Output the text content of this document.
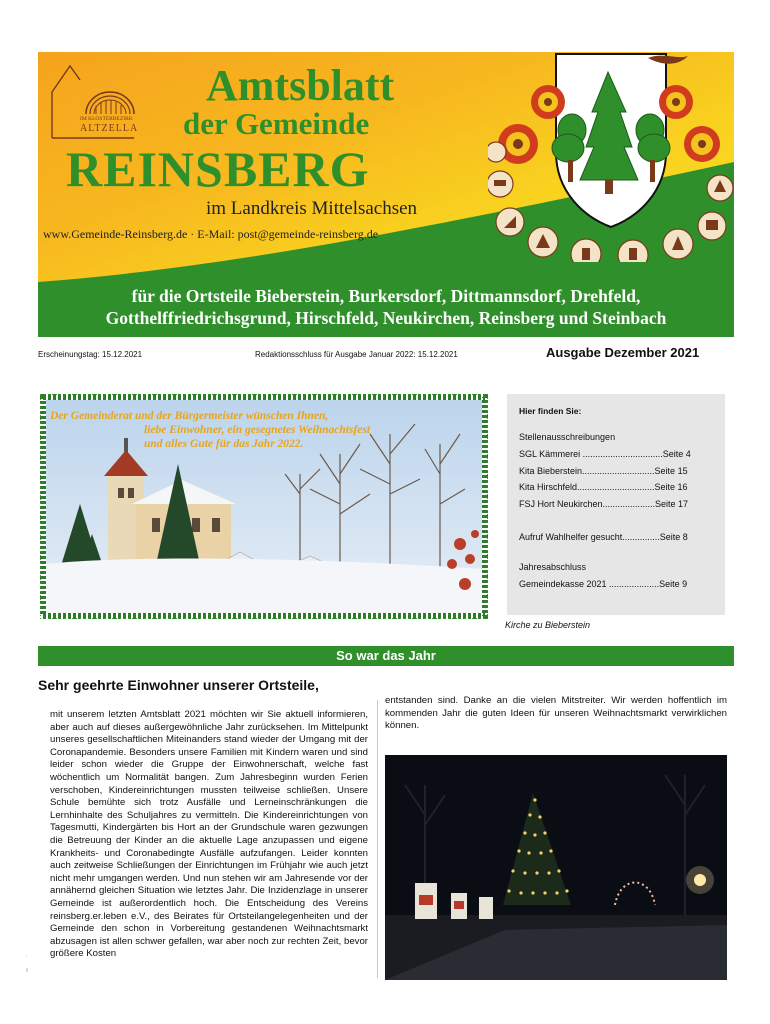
IM KLOSTERBEZIRK
ALTZELLA
Amtsblatt
der Gemeinde
REINSBERG
im Landkreis Mittelsachsen
www.Gemeinde-Reinsberg.de · E-Mail: post@gemeinde-reinsberg.de
für die Ortsteile Bieberstein, Burkersdorf, Dittmannsdorf, Drehfeld,
Gotthelffriedrichsgrund, Hirschfeld, Neukirchen, Reinsberg und Steinbach
Erscheinungstag: 15.12.2021	Redaktionsschluss für Ausgabe Januar 2022: 15.12.2021	Ausgabe Dezember 2021
Der Gemeinderat und der Bürgermeister wünschen Ihnen,
liebe Einwohner, ein gesegnetes Weihnachtsfest
und alles Gute für das Jahr 2022.
Hier finden Sie:
Stellenausschreibungen
SGL Kämmerei ................................Seite 4
Kita Bieberstein.............................Seite 15
Kita Hirschfeld...............................Seite 16
FSJ Hort Neukirchen.....................Seite 17
Aufruf Wahlhelfer gesucht...............Seite 8
Jahresabschluss
Gemeindekasse 2021 ....................Seite 9
Kirche zu Bieberstein
So war das Jahr
Sehr geehrte Einwohner unserer Ortsteile,
mit unserem letzten Amtsblatt 2021 möchten wir Sie aktuell informieren, aber auch auf dieses außergewöhnliche Jahr zurücksehen. Im Mittelpunkt unseres gesellschaftlichen Miteinanders stand wieder der Umgang mit der Coronapandemie. Besonders unsere Familien mit Kindern waren und sind leider schon wieder die Gruppe der Einwohnerschaft, welche fast wöchentlich um Normalität bangen. Zum Jahresbeginn wurden Ferien verschoben, Kindereinrichtungen mussten teilweise schließen. Unsere Schule bemühte sich trotz Ausfälle und Lerneinschränkungen die Lernhinhalte des Schuljahres zu vermitteln. Die Kindereinrichtungen von Tagesmutti, Kindergärten bis Hort an der Grundschule waren gezwungen die Betreuung der Kinder an die aktuelle Lage anzupassen und eigene Krankheits- und Coronabedingte Ausfälle aufzufangen. Leider konnten auch zeitweise Schließungen der Einrichtungen im Frühjahr wie auch jetzt nicht mehr umgangen werden. Und nun stehen wir am Jahresende vor der annähernd gleichen Situation wie letztes Jahr. Die Inzidenzlage in unserer Gemeinde ist außerordentlich hoch. Die Entscheidung des Vereins reinsberg.er.leben e.V., des Beirates für Ortsteilangelegenheiten und der Gemeinde den schon in Vorbereitung gestandenen Weihnachtsmarkt abzusagen ist allen schwer gefallen, war aber noch zur rechten Zeit, bevor größere Kosten
entstanden sind. Danke an die vielen Mitstreiter. Wir werden hoffentlich im kommenden Jahr die guten Ideen für unseren Weihnachtsmarkt verwirklichen können.
:
.
‖
